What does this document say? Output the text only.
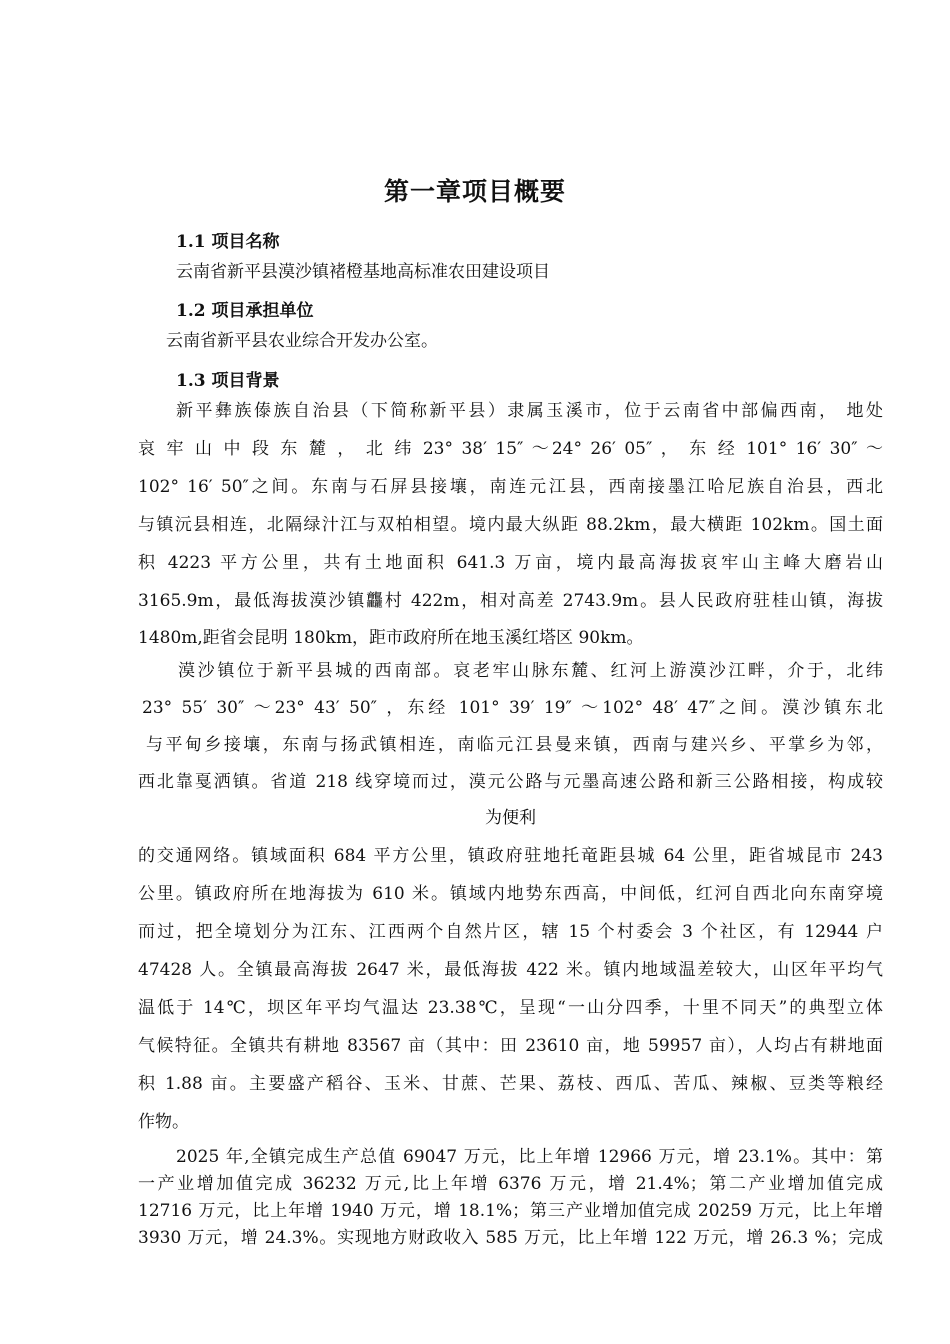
第一章项目概要
1.1 项目名称
云南省新平县漠沙镇褚橙基地高标准农田建设项目
1.2 项目承担单位
云南省新平县农业综合开发办公室。
1.3 项目背景
新平彝族傣族自治县（下简称新平县）隶属玉溪市，位于云南省中部偏西南， 地处
哀 牢 山 中 段 东 麓 ， 北 纬 23° 38′ 15″ ～24° 26′ 05″ ， 东 经 101° 16′ 30″ ～
102° 16′ 50″之间。东南与石屏县接壤，南连元江县，西南接墨江哈尼族自治县，西北
与镇沅县相连，北隔绿汁江与双柏相望。境内最大纵距 88.2km，最大横距 102km。国土面
积 4223 平方公里，共有土地面积 641.3 万亩，境内最高海拔哀牢山主峰大磨岩山
3165.9m，最低海拔漠沙镇龘村 422m，相对高差 2743.9m。县人民政府驻桂山镇，海拔
1480m,距省会昆明 180km，距市政府所在地玉溪红塔区 90km。
漠沙镇位于新平县城的西南部。哀老牢山脉东麓、红河上游漠沙江畔，介于，北纬
23° 55′ 30″ ～23° 43′ 50″ ，东经 101° 39′ 19″ ～102° 48′ 47″之间。漠沙镇东北
与平甸乡接壤，东南与扬武镇相连，南临元江县曼来镇，西南与建兴乡、平掌乡为邻，
西北靠戛洒镇。省道 218 线穿境而过，漠元公路与元墨高速公路和新三公路相接，构成较
为便利
的交通网络。镇域面积 684 平方公里，镇政府驻地托竜距县城 64 公里，距省城昆市 243
公里。镇政府所在地海拔为 610 米。镇域内地势东西高，中间低，红河自西北向东南穿境
而过，把全境划分为江东、江西两个自然片区，辖 15 个村委会 3 个社区，有 12944 户
47428 人。全镇最高海拔 2647 米，最低海拔 422 米。镇内地域温差较大，山区年平均气
温低于 14℃，坝区年平均气温达 23.38℃，呈现“一山分四季，十里不同天”的典型立体
气候特征。全镇共有耕地 83567 亩（其中：田 23610 亩，地 59957 亩），人均占有耕地面
积 1.88 亩。主要盛产稻谷、玉米、甘蔗、芒果、荔枝、西瓜、苦瓜、辣椒、豆类等粮经
作物。
2025 年,全镇完成生产总值 69047 万元，比上年增 12966 万元，增 23.1%。其中：第
一产业增加值完成 36232 万元,比上年增 6376 万元，增 21.4%；第二产业增加值完成
12716 万元，比上年增 1940 万元，增 18.1%；第三产业增加值完成 20259 万元，比上年增
3930 万元，增 24.3%。实现地方财政收入 585 万元，比上年增 122 万元，增 26.3 %；完成
